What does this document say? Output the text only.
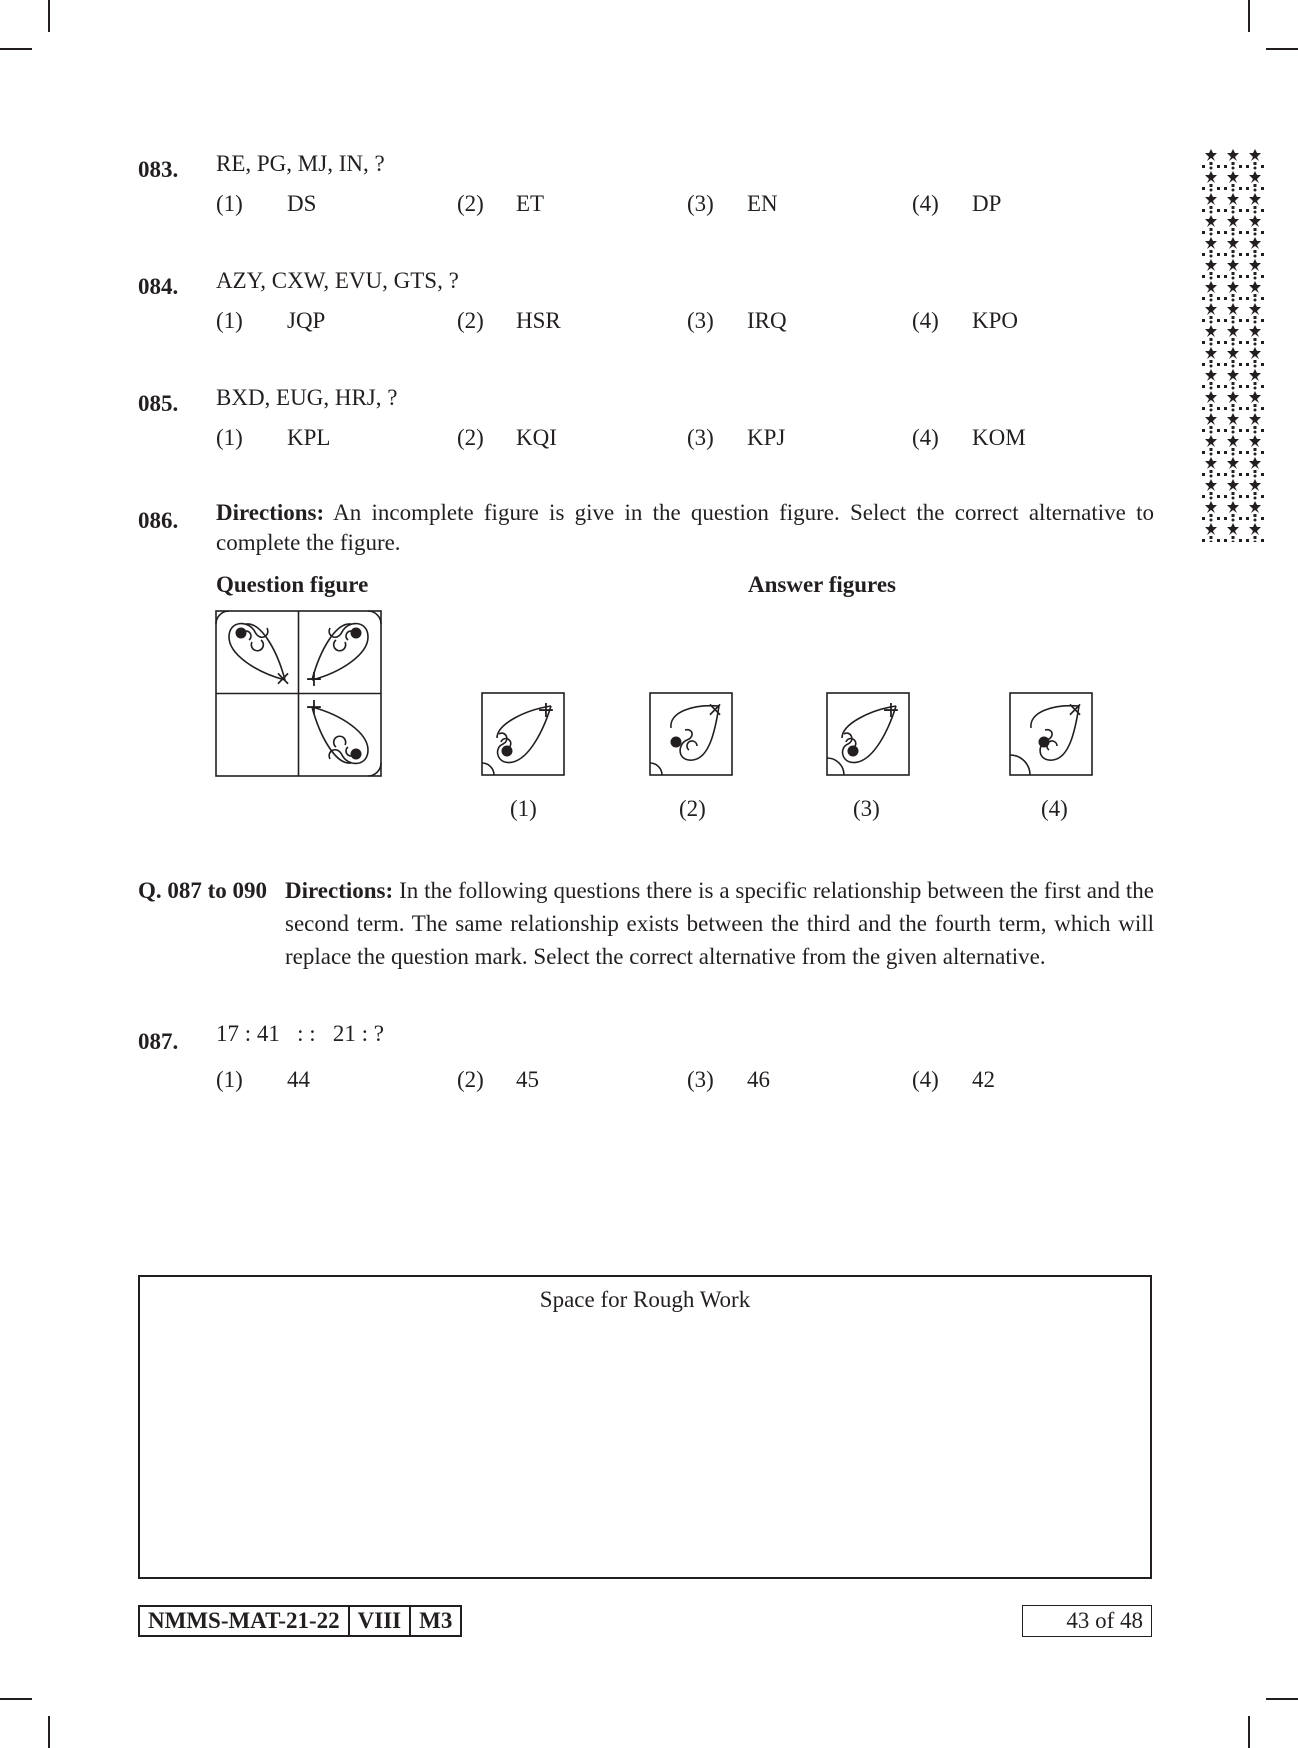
083. RE, PG, MJ, IN, ?
(1) DS	(2) ET	(3) EN	(4) DP
084. AZY, CXW, EVU, GTS, ?
(1) JQP	(2) HSR	(3) IRQ	(4) KPO
085. BXD, EUG, HRJ, ?
(1) KPL	(2) KQI	(3) KPJ	(4) KOM
086. Directions: An incomplete figure is give in the question figure. Select the correct alternative to complete the figure.
Question figure	Answer figures
× +
+	+	×	+	×
(1)	(2)	(3)	(4)
Q. 087 to 090 Directions: In the following questions there is a specific relationship between the first and the second term. The same relationship exists between the third and the fourth term, which will replace the question mark. Select the correct alternative from the given alternative.
087. 17 : 41   : :   21 : ?
(1) 44	(2) 45	(3) 46	(4) 42
Space for Rough Work
NMMS-MAT-21-22 VIII M3	43 of 48
